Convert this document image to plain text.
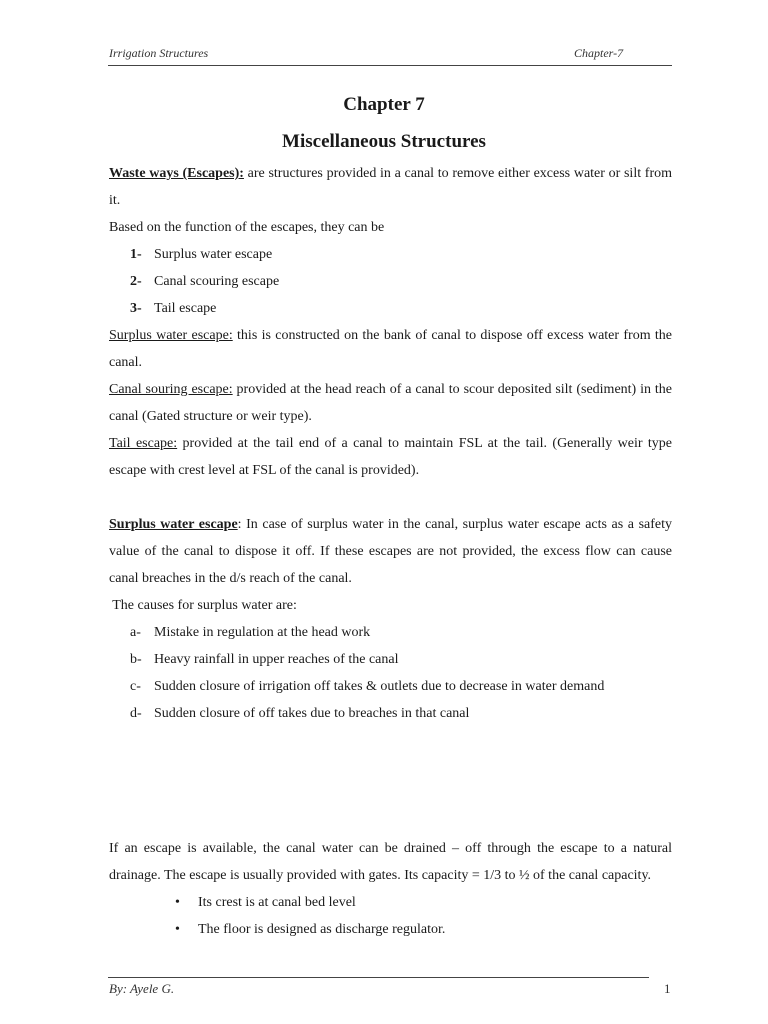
Irrigation Structures	Chapter-7
Chapter 7
Miscellaneous Structures

Waste ways (Escapes): are structures provided in a canal to remove either excess water or silt from it.

Based on the function of the escapes, they can be

1- Surplus water escape

2- Canal scouring escape

3- Tail escape

Surplus water escape: this is constructed on the bank of canal to dispose off excess water from the canal.

Canal souring escape: provided at the head reach of a canal to scour deposited silt (sediment) in the canal (Gated structure or weir type).

Tail escape: provided at the tail end of a canal to maintain FSL at the tail. (Generally weir type escape with crest level at FSL of the canal is provided).

Surplus water escape: In case of surplus water in the canal, surplus water escape acts as a safety value of the canal to dispose it off. If these escapes are not provided, the excess flow can cause canal breaches in the d/s reach of the canal.

The causes for surplus water are:

a- Mistake in regulation at the head work

b- Heavy rainfall in upper reaches of the canal

c- Sudden closure of irrigation off takes & outlets due to decrease in water demand

d- Sudden closure of off takes due to breaches in that canal

If an escape is available, the canal water can be drained – off through the escape to a natural drainage. The escape is usually provided with gates. Its capacity = 1/3 to ½ of the canal capacity.

• Its crest is at canal bed level

• The floor is designed as discharge regulator.

By: Ayele G.	1
